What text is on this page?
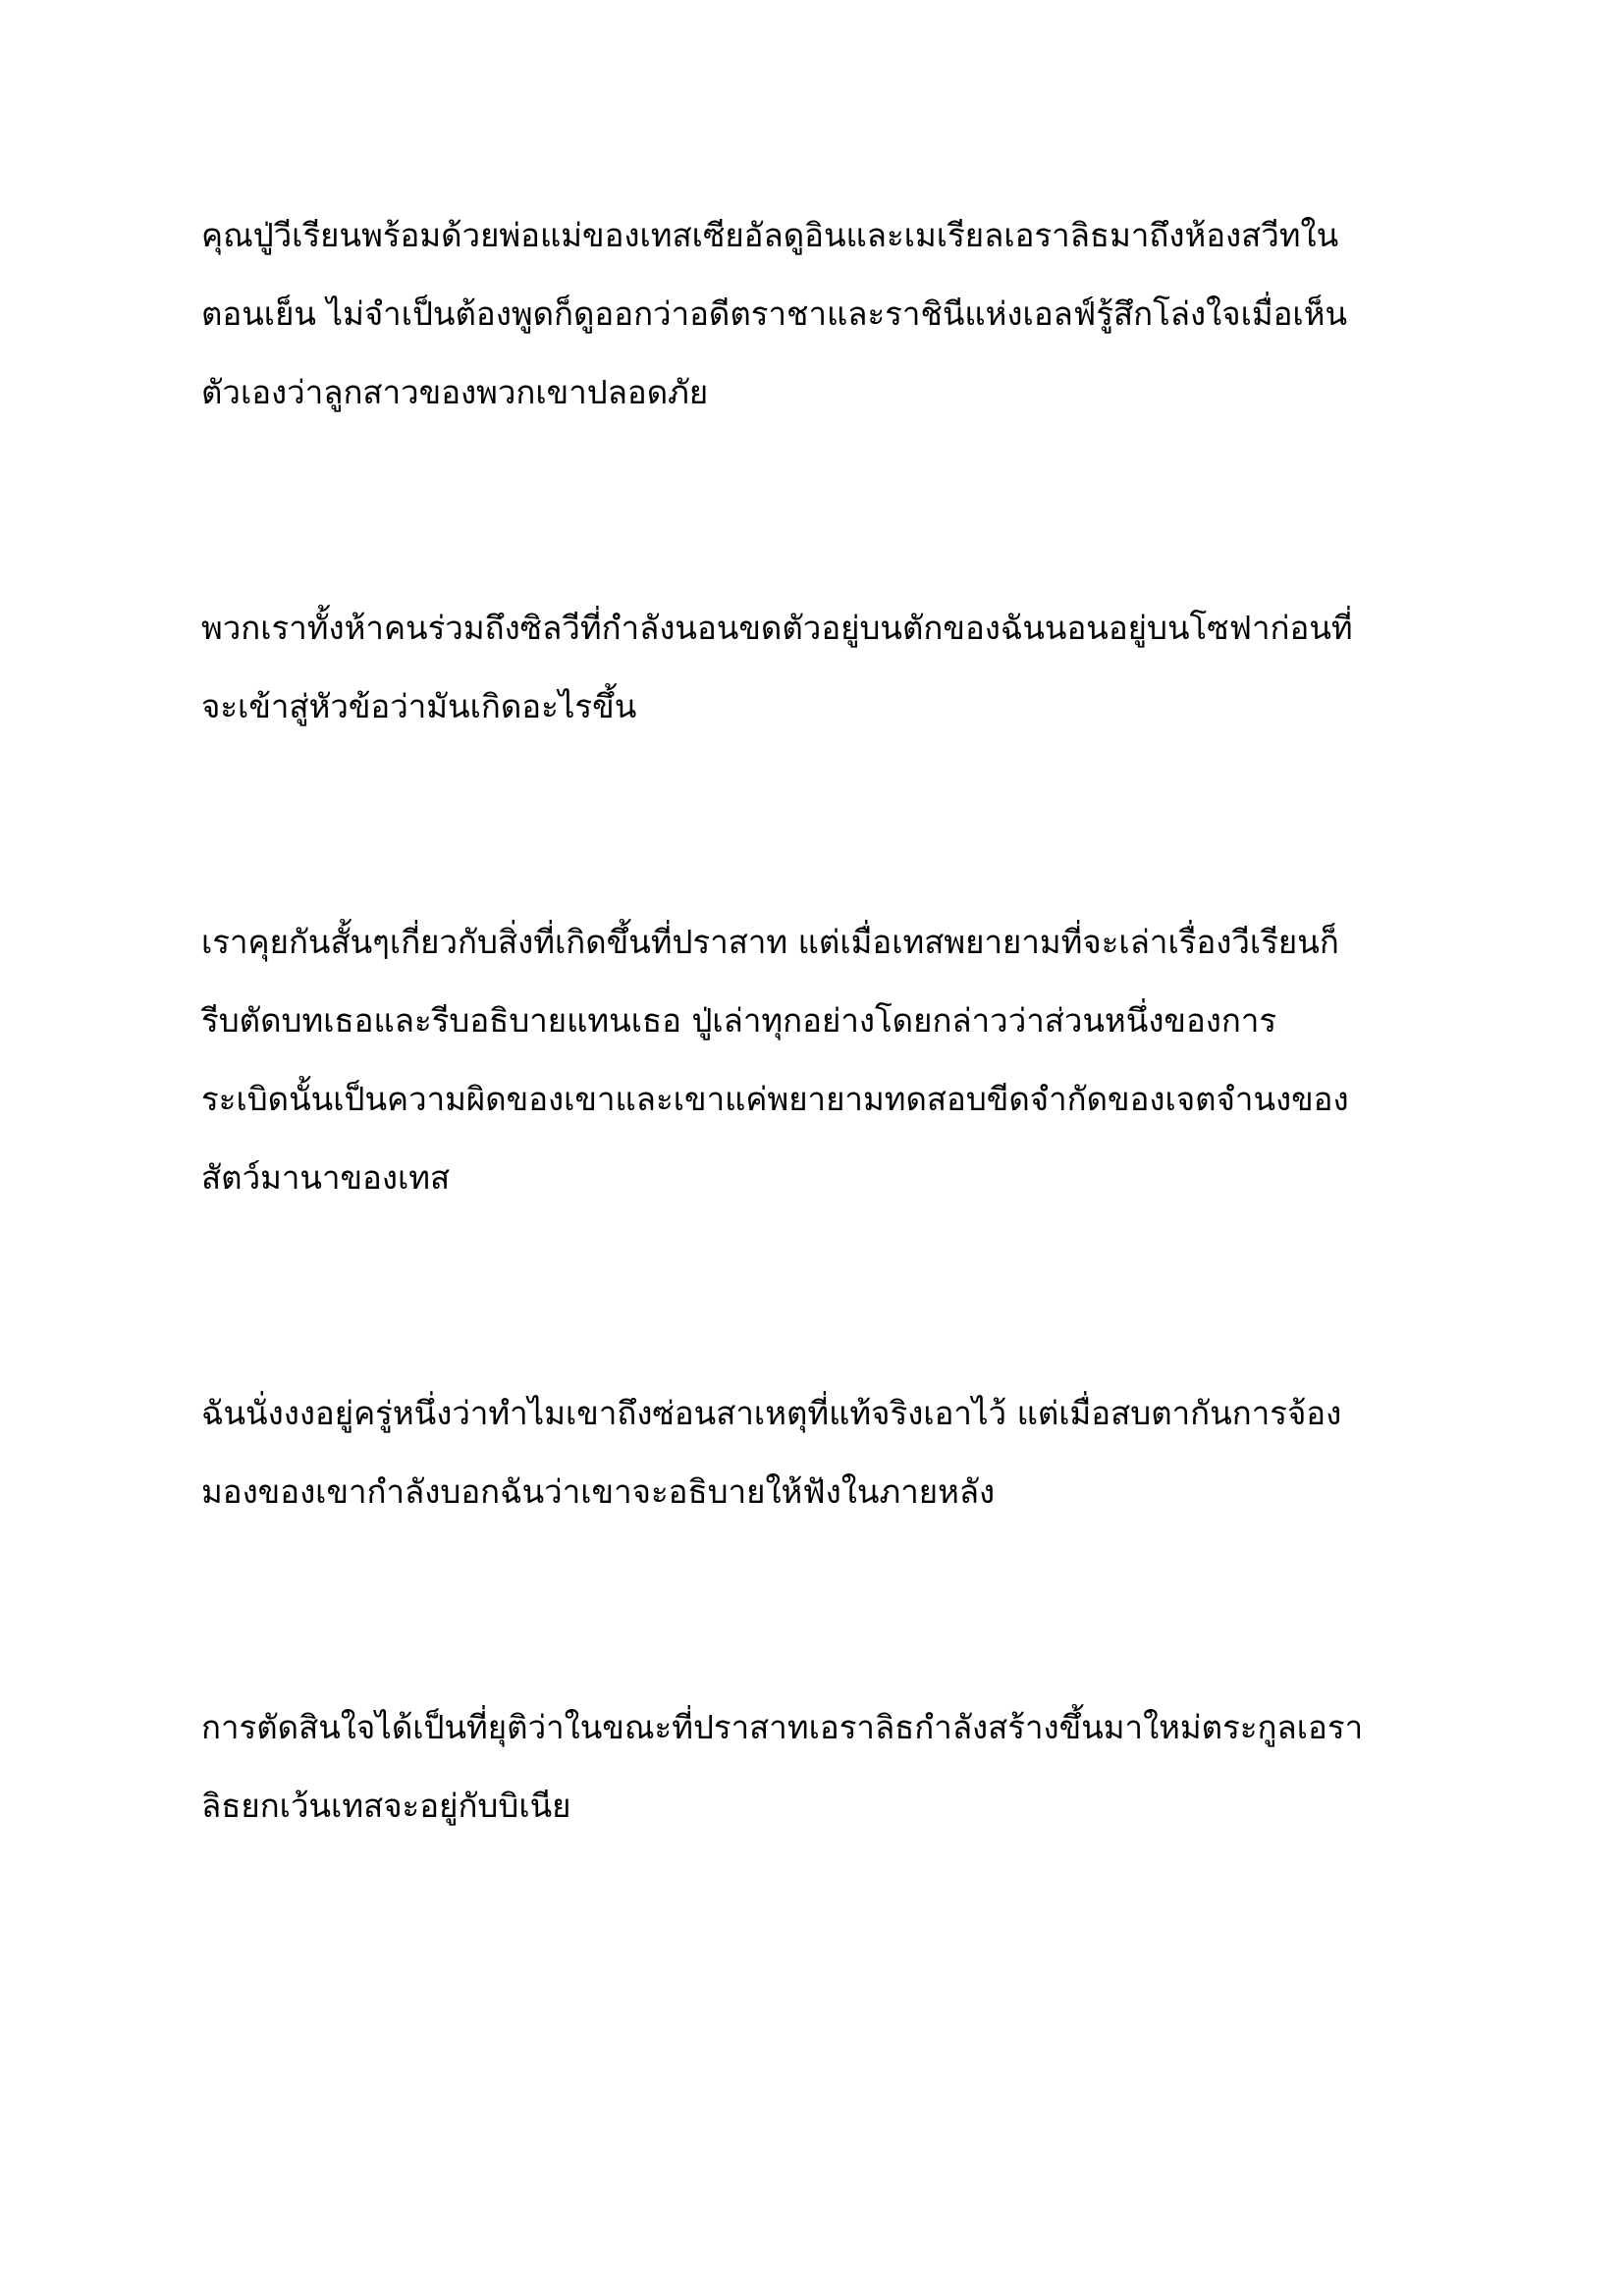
คุณปู่วีเรียนพร้อมด้วยพ่อแม่ของเทสเซียอัลดูอินและเมเรียลเอราลิธมาถึงห้องสวีทใน
ตอนเย็น ไม่จำเป็นต้องพูดก็ดูออกว่าอดีตราชาและราชินีแห่งเอลฟ์รู้สึกโล่งใจเมื่อเห็น
ตัวเองว่าลูกสาวของพวกเขาปลอดภัย

พวกเราทั้งห้าคนร่วมถึงซิลวีที่กำลังนอนขดตัวอยู่บนตักของฉันนอนอยู่บนโซฟาก่อนที่
จะเข้าสู่หัวข้อว่ามันเกิดอะไรขึ้น

เราคุยกันสั้นๆเกี่ยวกับสิ่งที่เกิดขึ้นที่ปราสาท แต่เมื่อเทสพยายามที่จะเล่าเรื่องวีเรียนก็
รีบตัดบทเธอและรีบอธิบายแทนเธอ ปู่เล่าทุกอย่างโดยกล่าวว่าส่วนหนึ่งของการ
ระเบิดนั้นเป็นความผิดของเขาและเขาแค่พยายามทดสอบขีดจำกัดของเจตจำนงของ
สัตว์มานาของเทส

ฉันนั่งงงอยู่ครู่หนึ่งว่าทำไมเขาถึงซ่อนสาเหตุที่แท้จริงเอาไว้ แต่เมื่อสบตากันการจ้อง
มองของเขากำลังบอกฉันว่าเขาจะอธิบายให้ฟังในภายหลัง

การตัดสินใจได้เป็นที่ยุติว่าในขณะที่ปราสาทเอราลิธกำลังสร้างขึ้นมาใหม่ตระกูลเอรา
ลิธยกเว้นเทสจะอยู่กับบิเนีย
